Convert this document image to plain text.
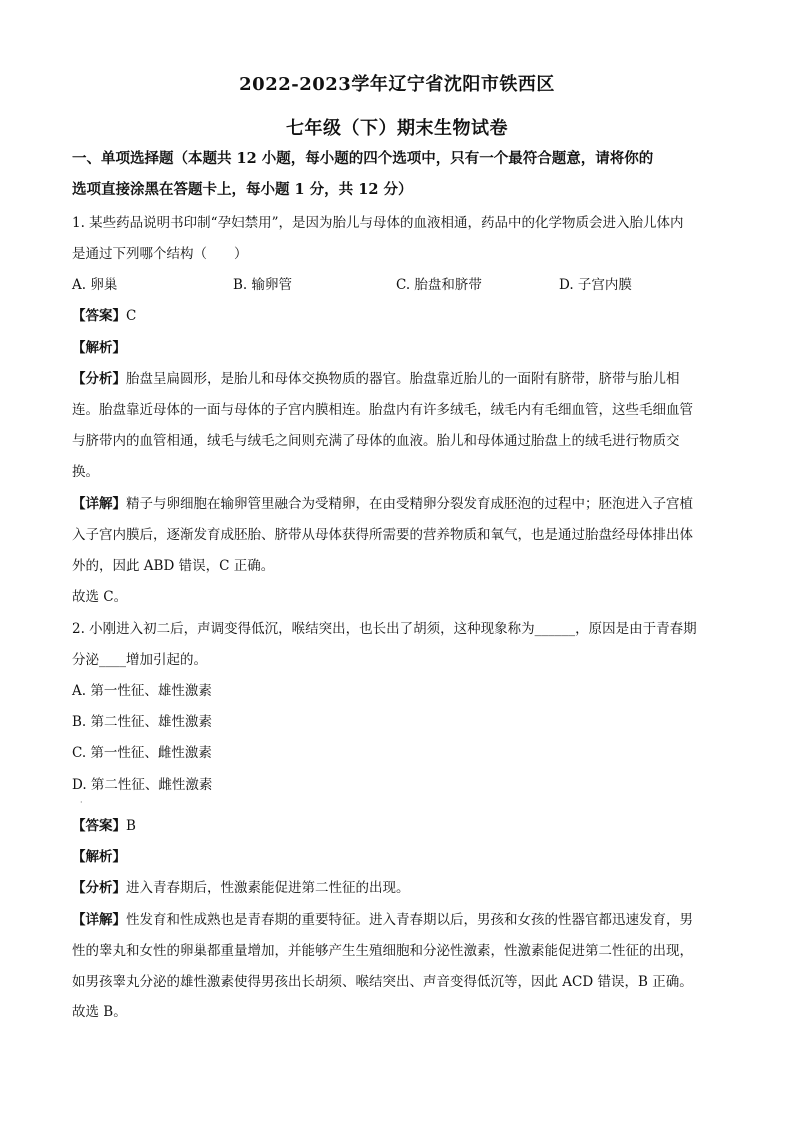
2022-2023学年辽宁省沈阳市铁西区
七年级（下）期末生物试卷
一、单项选择题（本题共 12 小题，每小题的四个选项中，只有一个最符合题意，请将你的
选项直接涂黑在答题卡上，每小题 1 分，共 12 分）
1. 某些药品说明书印制“孕妇禁用”，是因为胎儿与母体的血液相通，药品中的化学物质会进入胎儿体内
是通过下列哪个结构（　　）
A. 卵巢	B. 输卵管	C. 胎盘和脐带	D. 子宫内膜
【答案】C
【解析】
【分析】胎盘呈扁圆形，是胎儿和母体交换物质的器官。胎盘靠近胎儿的一面附有脐带，脐带与胎儿相
连。胎盘靠近母体的一面与母体的子宫内膜相连。胎盘内有许多绒毛，绒毛内有毛细血管，这些毛细血管
与脐带内的血管相通，绒毛与绒毛之间则充满了母体的血液。胎儿和母体通过胎盘上的绒毛进行物质交
换。
【详解】精子与卵细胞在输卵管里融合为受精卵，在由受精卵分裂发育成胚泡的过程中；胚泡进入子宫植
入子宫内膜后，逐渐发育成胚胎、脐带从母体获得所需要的营养物质和氧气，也是通过胎盘经母体排出体
外的，因此 ABD 错误，C 正确。
故选 C。
2. 小刚进入初二后，声调变得低沉，喉结突出，也长出了胡须，这种现象称为______，原因是由于青春期
分泌____增加引起的。
A. 第一性征、雄性激素
B. 第二性征、雄性激素
C. 第一性征、雌性激素
D. 第二性征、雌性激素
·
【答案】B
【解析】
【分析】进入青春期后，性激素能促进第二性征的出现。
【详解】性发育和性成熟也是青春期的重要特征。进入青春期以后，男孩和女孩的性器官都迅速发育，男
性的睾丸和女性的卵巢都重量增加，并能够产生生殖细胞和分泌性激素，性激素能促进第二性征的出现，
如男孩睾丸分泌的雄性激素使得男孩出长胡须、喉结突出、声音变得低沉等，因此 ACD 错误，B 正确。
故选 B。
